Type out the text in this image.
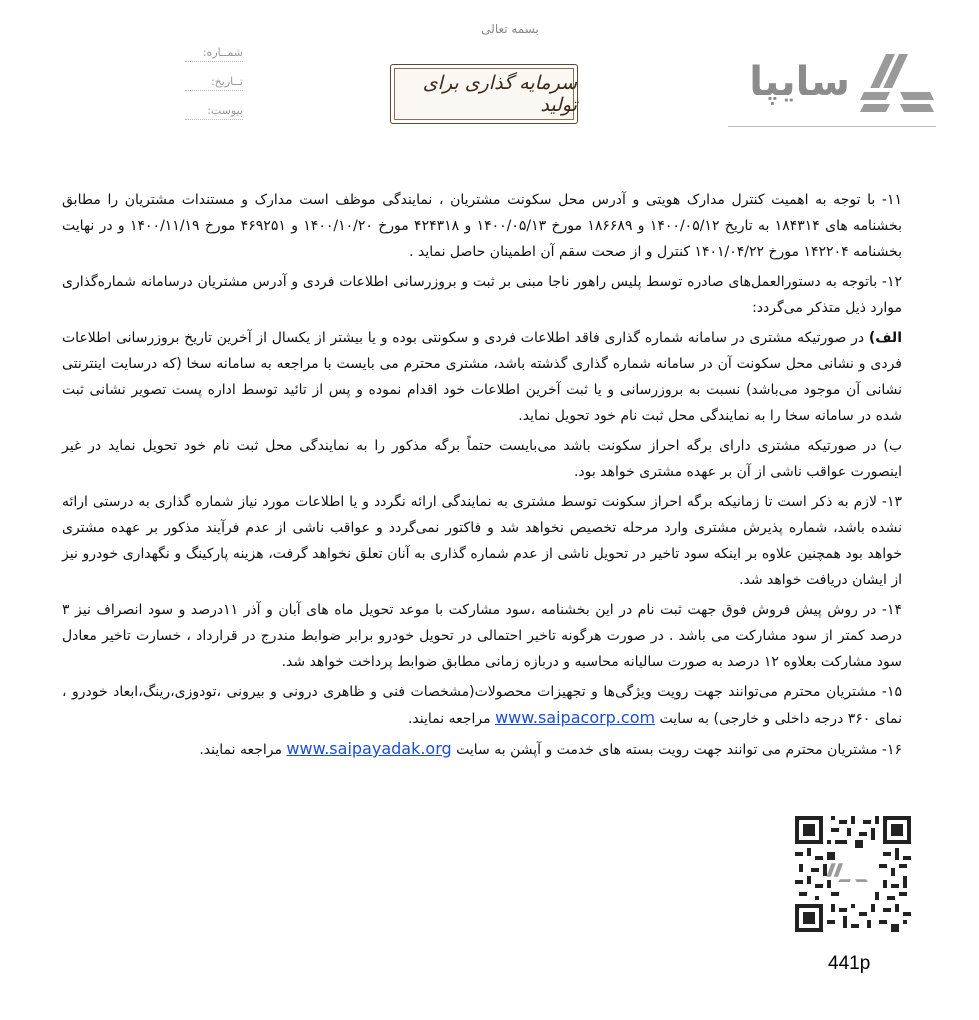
بسمه تعالی
شمــاره:
تــاریخ:
پیوست:
سرمایه گذاری برای تولید	سایپا

۱۱- با توجه به اهمیت کنترل مدارک هویتی و آدرس محل سکونت مشتریان ، نمایندگی موظف است مدارک و مستندات مشتریان را مطابق بخشنامه های ۱۸۴۳۱۴ به تاریخ ۱۴۰۰/۰۵/۱۲ و ۱۸۶۶۸۹ مورخ ۱۴۰۰/۰۵/۱۳ و ۴۲۴۳۱۸ مورخ ۱۴۰۰/۱۰/۲۰ و ۴۶۹۲۵۱ مورخ ۱۴۰۰/۱۱/۱۹ و در نهایت بخشنامه ۱۴۲۲۰۴ مورخ ۱۴۰۱/۰۴/۲۲ کنترل و از صحت سقم آن اطمینان حاصل نماید .

۱۲- باتوجه به دستورالعمل‌های صادره توسط پلیس راهور ناجا مبنی بر ثبت و بروزرسانی اطلاعات فردی و آدرس مشتریان درسامانه شماره‌گذاری موارد ذیل متذکر می‌گردد:

الف) در صورتیکه مشتری در سامانه شماره گذاری فاقد اطلاعات فردی و سکونتی بوده و یا بیشتر از یکسال از آخرین تاریخ بروزرسانی اطلاعات فردی و نشانی محل سکونت آن در سامانه شماره گذاری گذشته باشد، مشتری محترم می بایست با مراجعه به سامانه سخا (که درسایت اینترنتی نشانی آن موجود می‌باشد) نسبت به بروزرسانی و یا ثبت آخرین اطلاعات خود اقدام نموده و پس از تائید توسط اداره پست تصویر نشانی ثبت شده در سامانه سخا را به نمایندگی محل ثبت نام خود تحویل نماید.

ب) در صورتیکه مشتری دارای برگه احراز سکونت باشد می‌بایست حتماً برگه مذکور را به نمایندگی محل ثبت نام خود تحویل نماید در غیر اینصورت عواقب ناشی از آن بر عهده مشتری خواهد بود.

۱۳- لازم به ذکر است تا زمانیکه برگه احراز سکونت توسط مشتری به نمایندگی ارائه نگردد و یا اطلاعات مورد نیاز شماره گذاری به درستی ارائه نشده باشد، شماره پذیرش مشتری وارد مرحله تخصیص نخواهد شد و فاکتور نمی‌گردد و عواقب ناشی از عدم فرآیند مذکور بر عهده مشتری خواهد بود همچنین علاوه بر اینکه سود تاخیر در تحویل ناشی از عدم شماره گذاری به آنان تعلق نخواهد گرفت، هزینه پارکینگ و نگهداری خودرو نیز از ایشان دریافت خواهد شد.

۱۴- در روش پیش فروش فوق جهت ثبت نام در این بخشنامه ،سود مشارکت با موعد تحویل ماه های آبان و آذر ۱۱درصد و سود انصراف نیز ۳ درصد کمتر از سود مشارکت می باشد . در صورت هرگونه تاخیر احتمالی در تحویل خودرو برابر ضوابط مندرج در قرارداد ، خسارت تاخیر معادل سود مشارکت بعلاوه ۱۲ درصد به صورت سالیانه محاسبه و دربازه زمانی مطابق ضوابط پرداخت خواهد شد.

۱۵- مشتریان محترم می‌توانند جهت رویت ویژگی‌ها و تجهیزات محصولات(مشخصات فنی و ظاهری درونی و بیرونی ،تودوزی،رینگ،ابعاد خودرو ، نمای ۳۶۰ درجه داخلی و خارجی) به سایت www.saipacorp.com مراجعه نمایند.

۱۶- مشتریان محترم می توانند جهت رویت بسته های خدمت و آپشن به سایت www.saipayadak.org مراجعه نمایند.

441p
